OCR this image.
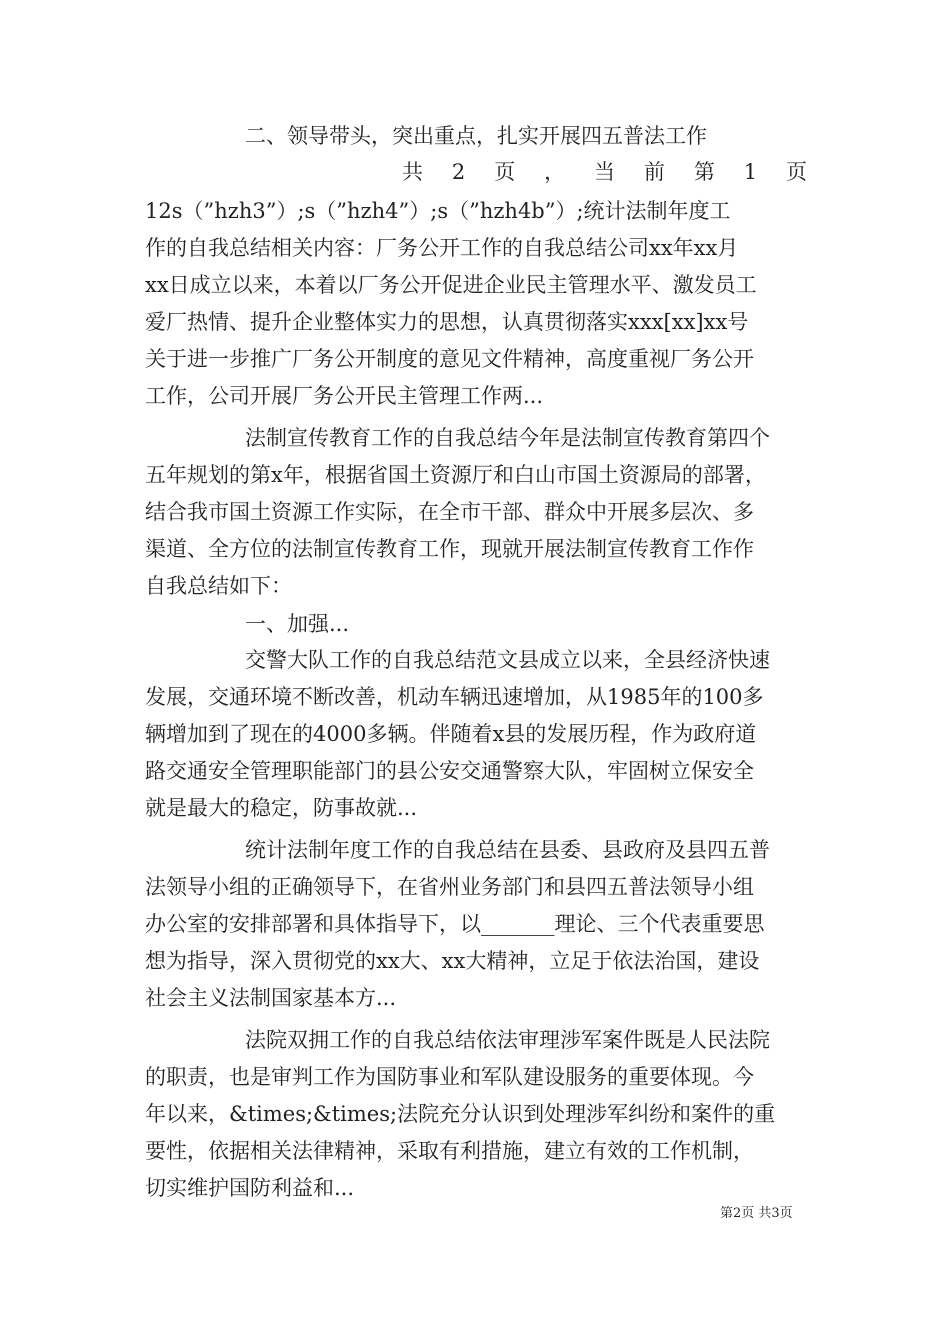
二、领导带头，突出重点，扎实开展四五普法工作
共 2 页 ， 当 前 第 1 页
12s（”hzh3”）;s（”hzh4”）;s（”hzh4b”）;统计法制年度工
作的自我总结相关内容：厂务公开工作的自我总结公司xx年xx月
xx日成立以来，本着以厂务公开促进企业民主管理水平、激发员工
爱厂热情、提升企业整体实力的思想，认真贯彻落实xxx[xx]xx号
关于进一步推广厂务公开制度的意见文件精神，高度重视厂务公开
工作，公司开展厂务公开民主管理工作两...
法制宣传教育工作的自我总结今年是法制宣传教育第四个
五年规划的第x年，根据省国土资源厅和白山市国土资源局的部署，
结合我市国土资源工作实际，在全市干部、群众中开展多层次、多
渠道、全方位的法制宣传教育工作，现就开展法制宣传教育工作作
自我总结如下：
一、加强...
交警大队工作的自我总结范文县成立以来，全县经济快速
发展，交通环境不断改善，机动车辆迅速增加，从1985年的100多
辆增加到了现在的4000多辆。伴随着x县的发展历程，作为政府道
路交通安全管理职能部门的县公安交通警察大队，牢固树立保安全
就是最大的稳定，防事故就...
统计法制年度工作的自我总结在县委、县政府及县四五普
法领导小组的正确领导下，在省州业务部门和县四五普法领导小组
办公室的安排部署和具体指导下，以_______理论、三个代表重要思
想为指导，深入贯彻党的xx大、xx大精神，立足于依法治国，建设
社会主义法制国家基本方...
法院双拥工作的自我总结依法审理涉军案件既是人民法院
的职责，也是审判工作为国防事业和军队建设服务的重要体现。今
年以来，&times;&times;法院充分认识到处理涉军纠纷和案件的重
要性，依据相关法律精神，采取有利措施，建立有效的工作机制，
切实维护国防利益和...
第2页 共3页
